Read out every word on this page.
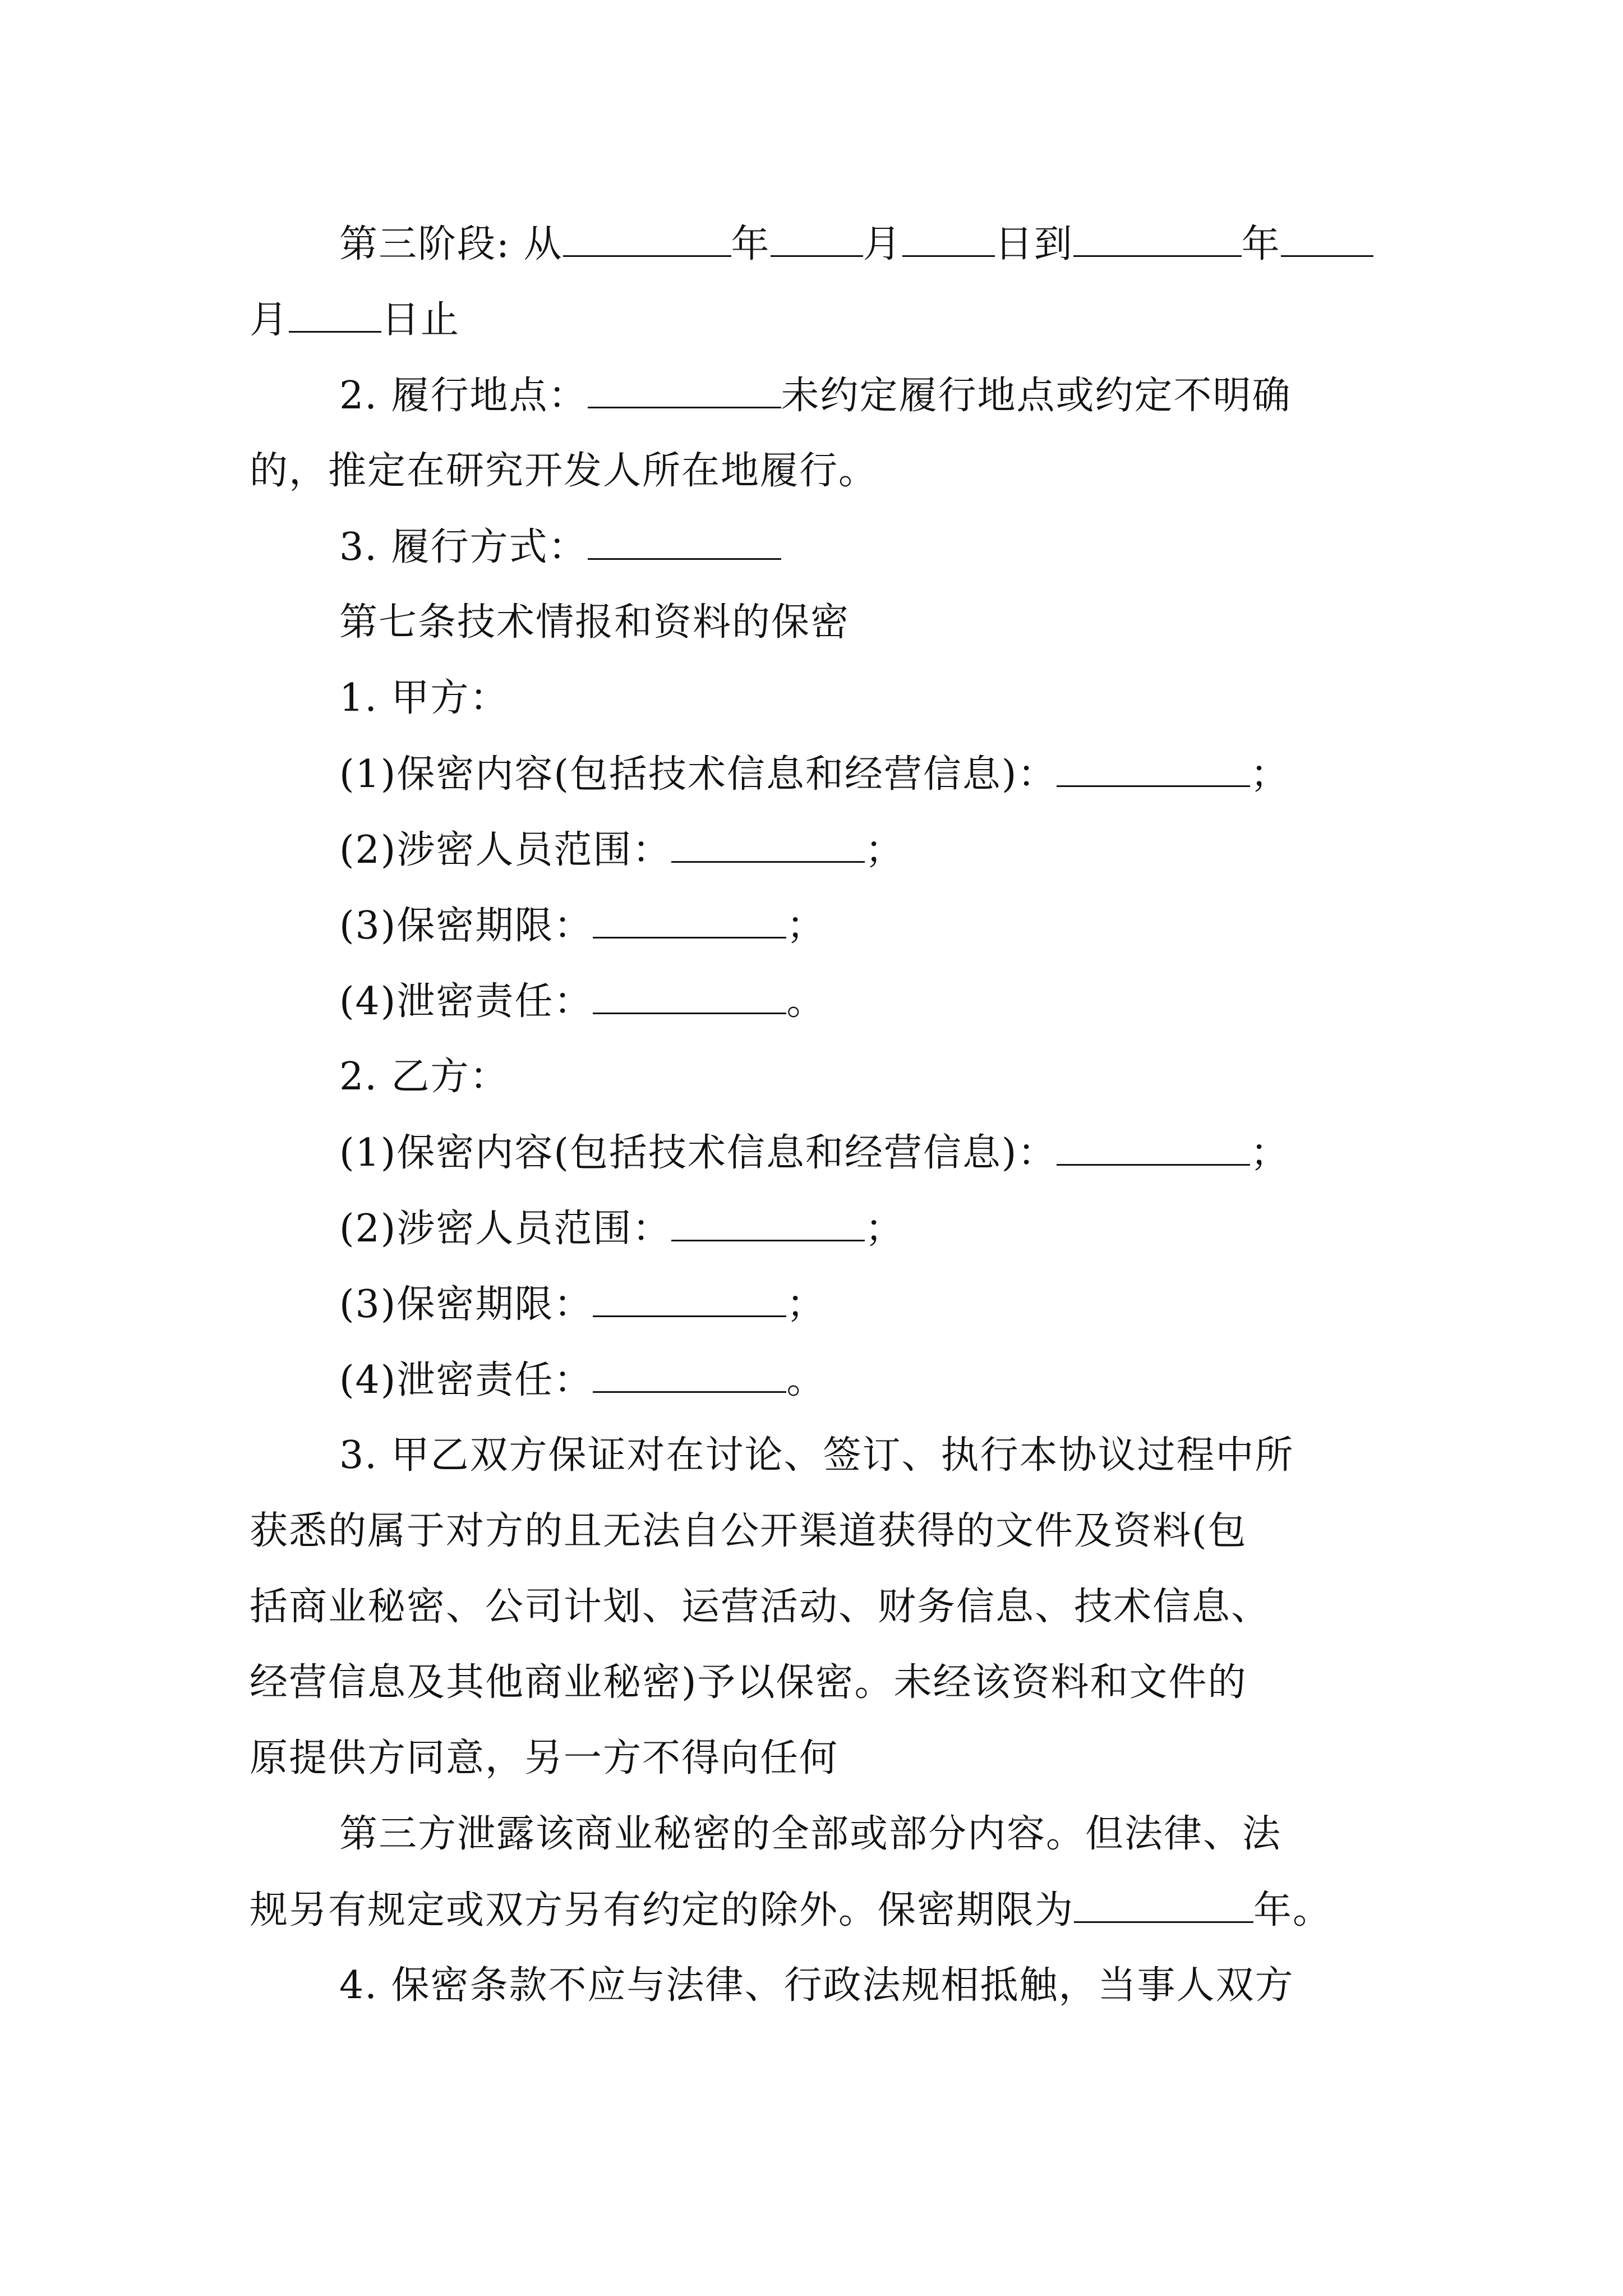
第三阶段: 从	年 月 日到	年
月 日止
2. 履行地点：	未约定履行地点或约定不明确
的，推定在研究开发人所在地履行。
3. 履行方式：
第七条技术情报和资料的保密
1. 甲方：
(1)保密内容(包括技术信息和经营信息)：	；
(2)涉密人员范围：	；
(3)保密期限：	；
(4)泄密责任：	。
2. 乙方：
(1)保密内容(包括技术信息和经营信息)：	；
(2)涉密人员范围：	；
(3)保密期限：	；
(4)泄密责任：	。
3. 甲乙双方保证对在讨论、签订、执行本协议过程中所
获悉的属于对方的且无法自公开渠道获得的文件及资料(包
括商业秘密、公司计划、运营活动、财务信息、技术信息、
经营信息及其他商业秘密)予以保密。未经该资料和文件的
原提供方同意，另一方不得向任何
第三方泄露该商业秘密的全部或部分内容。但法律、法
规另有规定或双方另有约定的除外。保密期限为	年。
4. 保密条款不应与法律、行政法规相抵触，当事人双方
